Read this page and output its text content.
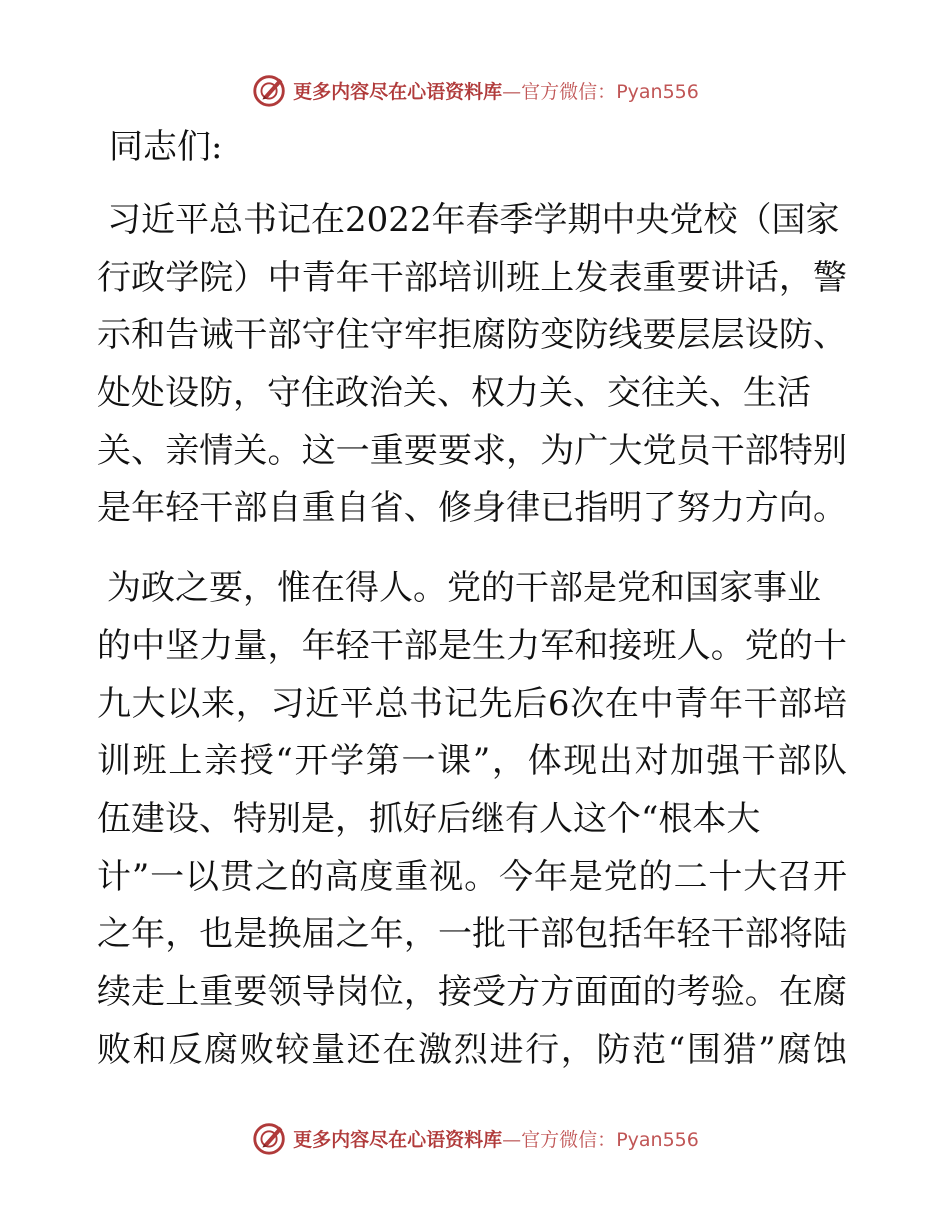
更多内容尽在心语资料库—官方微信：Pyan556
同志们:
习近平总书记在2022年春季学期中央党校（国家
行政学院）中青年干部培训班上发表重要讲话，警
示和告诫干部守住守牢拒腐防变防线要层层设防、
处处设防，守住政治关、权力关、交往关、生活
关、亲情关。这一重要要求，为广大党员干部特别
是年轻干部自重自省、修身律已指明了努力方向。
为政之要，惟在得人。党的干部是党和国家事业
的中坚力量，年轻干部是生力军和接班人。党的十
九大以来，习近平总书记先后6次在中青年干部培
训班上亲授“开学第一课”，体现出对加强干部队
伍建设、特别是，抓好后继有人这个“根本大
计”一以贯之的高度重视。今年是党的二十大召开
之年，也是换届之年，一批干部包括年轻干部将陆
续走上重要领导岗位，接受方方面面的考验。在腐
败和反腐败较量还在激烈进行，防范“围猎”腐蚀
更多内容尽在心语资料库—官方微信：Pyan556
